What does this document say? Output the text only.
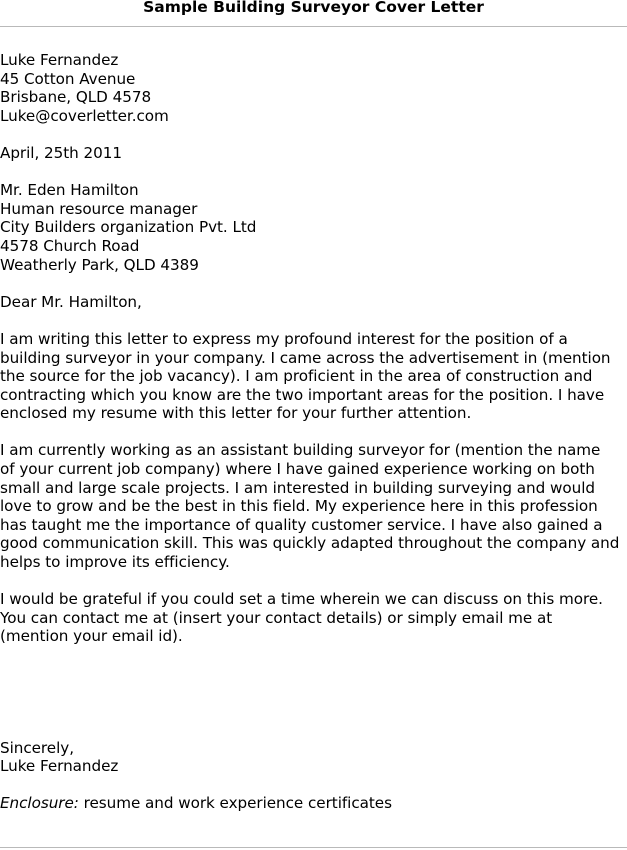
Sample Building Surveyor Cover Letter
Luke Fernandez
45 Cotton Avenue
Brisbane, QLD 4578
Luke@coverletter.com
April, 25th 2011
Mr. Eden Hamilton
Human resource manager
City Builders organization Pvt. Ltd
4578 Church Road
Weatherly Park, QLD 4389
Dear Mr. Hamilton,
I am writing this letter to express my profound interest for the position of a
building surveyor in your company. I came across the advertisement in (mention
the source for the job vacancy). I am proficient in the area of construction and
contracting which you know are the two important areas for the position. I have
enclosed my resume with this letter for your further attention.
I am currently working as an assistant building surveyor for (mention the name
of your current job company) where I have gained experience working on both
small and large scale projects. I am interested in building surveying and would
love to grow and be the best in this field. My experience here in this profession
has taught me the importance of quality customer service. I have also gained a
good communication skill. This was quickly adapted throughout the company and
helps to improve its efficiency.
I would be grateful if you could set a time wherein we can discuss on this more.
You can contact me at (insert your contact details) or simply email me at
(mention your email id).
Sincerely,
Luke Fernandez
Enclosure: resume and work experience certificates
